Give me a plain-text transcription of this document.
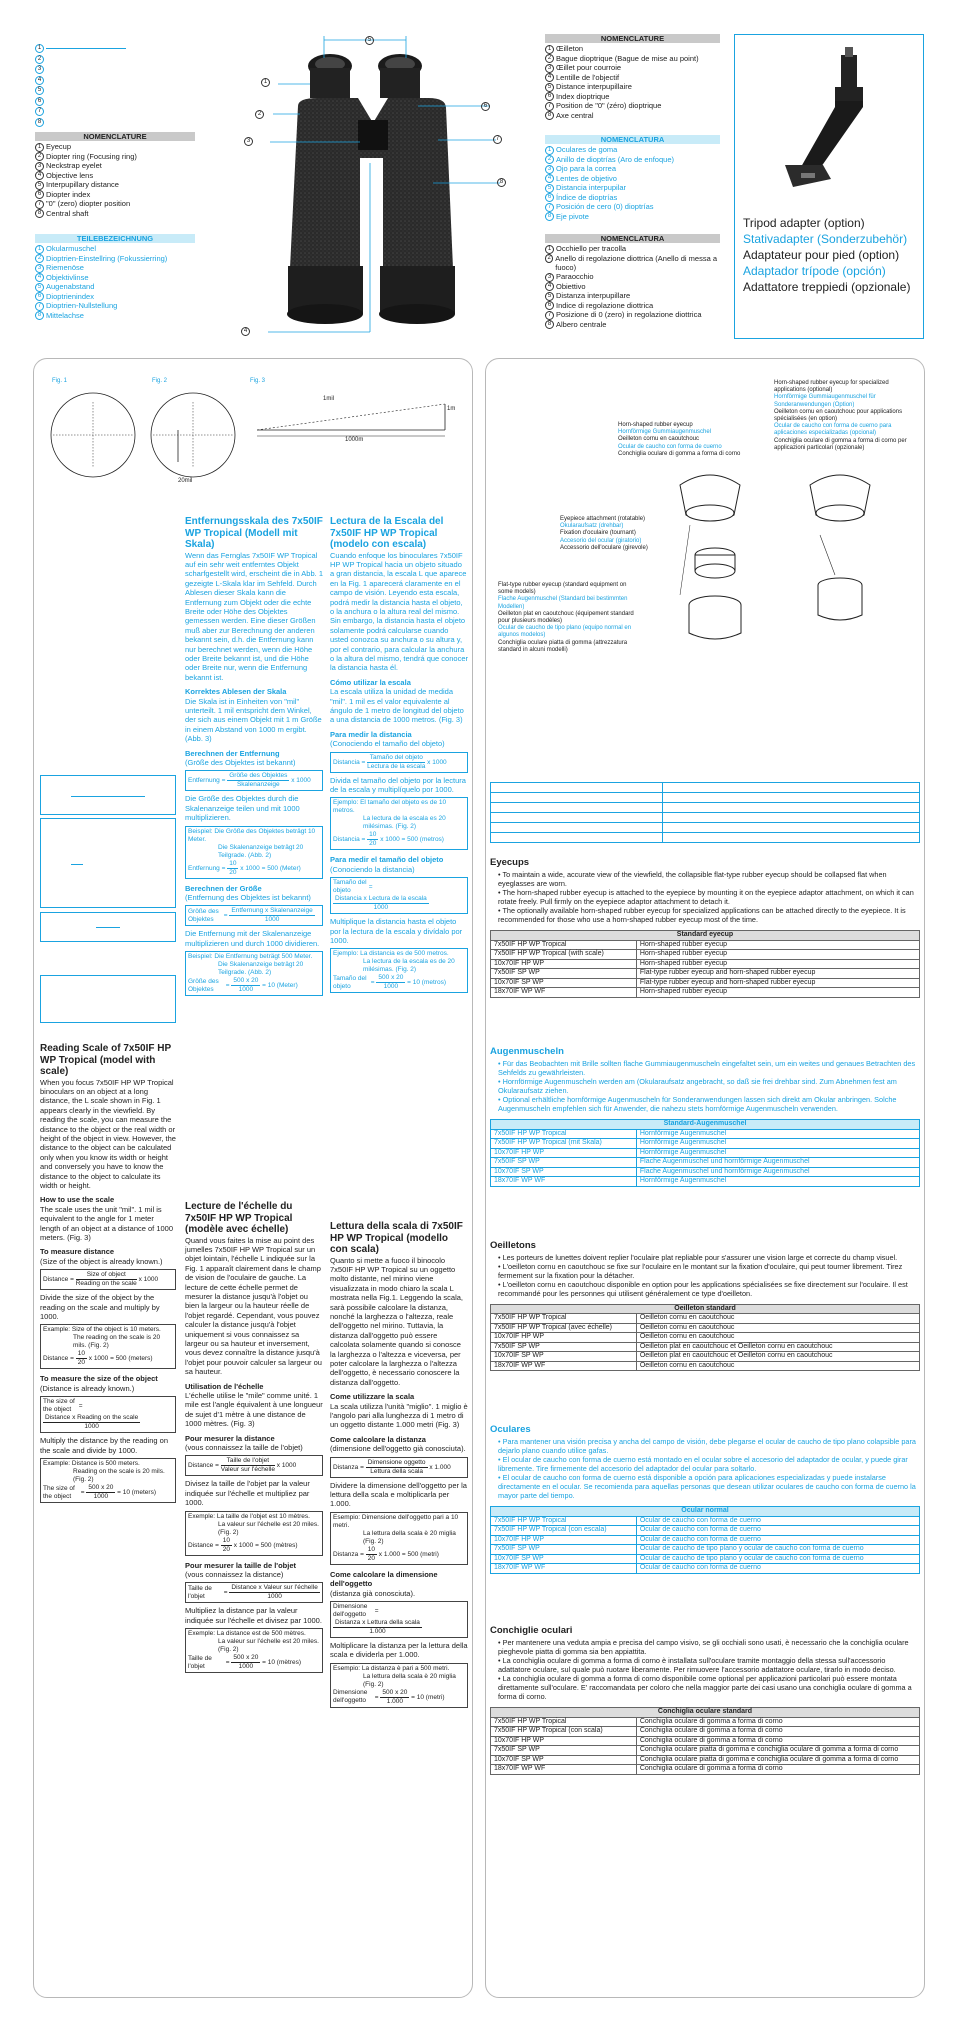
1
2
3
4
5
6
7
8
NOMENCLATURE
1 Eyecup
2 Diopter ring (Focusing ring)
3 Neckstrap eyelet
4 Objective lens
5 Interpupillary distance
6 Diopter index
7 "0" (zero) diopter position
8 Central shaft
TEILEBEZEICHNUNG
1 Okularmuschel
2 Dioptrien-Einstellring (Fokussierring)
3 Riemenöse
4 Objektivlinse
5 Augenabstand
6 Dioptrienindex
7 Dioptrien-Nullstellung
8 Mittelachse
5
1
2
3
6
7
8
4
NOMENCLATURE
1 Œilleton
2 Bague dioptrique (Bague de mise au point)
3 Œillet pour courroie
4 Lentille de l'objectif
5 Distance interpupillaire
6 Index dioptrique
7 Position de "0" (zéro) dioptrique
8 Axe central
NOMENCLATURA
1 Oculares de goma
2 Anillo de dioptrías (Aro de enfoque)
3 Ojo para la correa
4 Lentes de objetivo
5 Distancia interpupilar
6 Índice de dioptrías
7 Posición de cero (0) dioptrías
8 Eje pivote
NOMENCLATURA
1 Occhiello per tracolla
2 Anello di regolazione diottrica (Anello di messa a fuoco)
3 Paraocchio
4 Obiettivo
5 Distanza interpupillare
6 Indice di regolazione diottrica
7 Posizione di 0 (zero) in regolazione diottrica
8 Albero centrale
Tripod adapter (option)
Stativadapter (Sonderzubehör)
Adaptateur pour pied (option)
Adaptador trípode (opción)
Adattatore treppiedi (opzionale)
Fig. 1	Fig. 2	Fig. 3
20mil
1mil
1m
1000m
Reading Scale of 7x50IF HP WP Tropical (model with scale)

When you focus 7x50IF HP WP Tropical binoculars on an object at a long distance, the L scale shown in Fig. 1 appears clearly in the viewfield. By reading the scale, you can measure the distance to the object or the real width or height of the object in view. However, the distance to the object can be calculated only when you know its width or height and conversely you have to know the distance to the object to calculate its width or height.

How to use the scale

The scale uses the unit "mil". 1 mil is equivalent to the angle for 1 meter length of an object at a distance of 1000 meters. (Fig. 3)

To measure distance

(Size of the object is already known.)

Distance = $\frac{\text{Size of object}}{\text{Reading on the scale}}$ x 1000

Divide the size of the object by the reading on the scale and multiply by 1000.

Example: Size of the object is 10 meters.
The reading on the scale is 20 mils. (Fig. 2)
Distance = $\frac{10}{20}$ x 1000 = 500 (meters)
To measure the size of the object

(Distance is already known.)

The size of the object =
$\frac{\text{Distance x Reading on the scale}}{1000}$

Multiply the distance by the reading on the scale and divide by 1000.

Example: Distance is 500 meters.
Reading on the scale is 20 mils. (Fig. 2)
The size of the object = $\frac{500 x 20}{1000} = 10$ (meters)
Entfernungsskala des 7x50IF WP Tropical (Modell mit Skala)

Wenn das Fernglas 7x50IF WP Tropical auf ein sehr weit entferntes Objekt scharfgestellt wird, erscheint die in Abb. 1 gezeigte L-Skala klar im Sehfeld. Durch Ablesen dieser Skala kann die Entfernung zum Objekt oder die echte Breite oder Höhe des Objektes gemessen werden. Eine dieser Größen muß aber zur Berechnung der anderen bekannt sein, d.h. die Entfernung kann nur berechnet werden, wenn die Höhe oder Breite bekannt ist, und die Höhe oder Breite nur, wenn die Entfernung bekannt ist.

Korrektes Ablesen der Skala

Die Skala ist in Einheiten von "mil" unterteilt. 1 mil entspricht dem Winkel, der sich aus einem Objekt mit 1 m Größe in einem Abstand von 1000 m ergibt. (Abb. 3)

Berechnen der Entfernung

(Größe des Objektes ist bekannt)

Entfernung = $\frac{\text{Größe des Objektes}}{\text{Skalenanzeige}}$ x 1000

Die Größe des Objektes durch die Skalenanzeige teilen und mit 1000 multiplizieren.

Beispiel: Die Größe des Objektes beträgt 10 Meter.
Die Skalenanzeige beträgt 20 Teilgrade. (Abb. 2)
Entfernung = $\frac{10}{20}$ x 1000 = 500 (Meter)
Berechnen der Größe

(Entfernung des Objektes ist bekannt)

Größe des Objektes = $\frac{\text{Entfernung x Skalenanzeige}}{1000}$

Die Entfernung mit der Skalenanzeige multiplizieren und durch 1000 dividieren.

Beispiel: Die Entfernung beträgt 500 Meter.
Die Skalenanzeige beträgt 20 Teilgrade. (Abb. 2)
Größe des Objektes = $\frac{500 x 20}{1000} = 10$ (Meter)
Lecture de l'échelle du 7x50IF HP WP Tropical (modèle avec échelle)

Quand vous faites la mise au point des jumelles 7x50IF HP WP Tropical sur un objet lointain, l'échelle L indiquée sur la Fig. 1 apparaît clairement dans le champ de vision de l'oculaire de gauche. La lecture de cette échelle permet de mesurer la distance jusqu'à l'objet ou bien la largeur ou la hauteur réelle de l'objet regardé. Cependant, vous pouvez calculer la distance jusqu'à l'objet uniquement si vous connaissez sa largeur ou sa hauteur et inversement, vous devez connaître la distance jusqu'à l'objet pour pouvoir calculer sa largeur ou sa hauteur.

Utilisation de l'échelle

L'échelle utilise le "mile" comme unité. 1 mile est l'angle équivalent à une longueur de sujet d'1 mètre à une distance de 1000 mètres. (Fig. 3)

Pour mesurer la distance

(vous connaissez la taille de l'objet)

Distance = $\frac{\text{Taille de l'objet}}{\text{Valeur sur l'échelle}}$ x 1000

Divisez la taille de l'objet par la valeur indiquée sur l'échelle et multipliez par 1000.

Exemple: La taille de l'objet est 10 mètres.
La valeur sur l'échelle est 20 miles. (Fig. 2)
Distance = $\frac{10}{20}$ x 1000 = 500 (mètres)
Pour mesurer la taille de l'objet

(vous connaissez la distance)

Taille de l'objet	= $\frac{\text{Distance x Valeur sur l'échelle}}{1000}$

Multipliez la distance par la valeur indiquée sur l'échelle et divisez par 1000.

Exemple: La distance est de 500 mètres.
La valeur sur l'échelle est 20 miles. (Fig. 2)
Taille de l'objet	= $\frac{500 x 20}{1000} = 10$ (mètres)
Lectura de la Escala del 7x50IF HP WP Tropical (modelo con escala)

Cuando enfoque los binoculares 7x50IF HP WP Tropical hacia un objeto situado a gran distancia, la escala L que aparece en la Fig. 1 aparecerá claramente en el campo de visión. Leyendo esta escala, podrá medir la distancia hasta el objeto, o la anchura o la altura real del mismo. Sin embargo, la distancia hasta el objeto solamente podrá calcularse cuando usted conozca su anchura o su altura y, por el contrario, para calcular la anchura o la altura del mismo, tendrá que conocer la distancia hasta él.

Cómo utilizar la escala

La escala utiliza la unidad de medida "mil". 1 mil es el valor equivalente al ángulo de 1 metro de longitud del objeto a una distancia de 1000 metros. (Fig. 3)

Para medir la distancia

(Conociendo el tamaño del objeto)

Distancia = $\frac{\text{Tamaño del objeto}}{\text{Lectura de la escala}}$ x 1000

Divida el tamaño del objeto por la lectura de la escala y multiplíquelo por 1000.

Ejemplo: El tamaño del objeto es de 10 metros.
La lectura de la escala es 20 milésimas. (Fig. 2)
Distancia = $\frac{10}{20}$ x 1000 = 500 (metros)
Para medir el tamaño del objeto

(Conociendo la distancia)

Tamaño del objeto	=
$\frac{\text{Distancia x Lectura de la escala}}{1000}$

Multiplique la distancia hasta el objeto por la lectura de la escala y divídalo por 1000.

Ejemplo: La distancia es de 500 metros.
La lectura de la escala es de 20 milésimas. (Fig. 2)
Tamaño del objeto	= $\frac{500 x 20}{1000} = 10$ (metros)
Lettura della scala di 7x50IF HP WP Tropical (modello con scala)

Quanto si mette a fuoco il binocolo 7x50IF HP WP Tropical su un oggetto molto distante, nel mirino viene visualizzata in modo chiaro la scala L mostrata nella Fig.1. Leggendo la scala, sarà possibile calcolare la distanza, nonché la larghezza o l'altezza, reale dell'oggetto nel mirino. Tuttavia, la distanza dall'oggetto può essere calcolata solamente quando si conosce la larghezza o l'altezza e viceversa, per poter calcolare la larghezza o l'altezza dell'oggetto, è necessario conoscere la distanza dall'oggetto.

Come utilizzare la scala

La scala utilizza l'unità "miglio". 1 miglio è l'angolo pari alla lunghezza di 1 metro di un oggetto distante 1.000 metri (Fig. 3)

Come calcolare la distanza

(dimensione dell'oggetto già conosciuta).

Distanza = $\frac{\text{Dimensione oggetto}}{\text{Lettura della scala}}$ x 1.000

Dividere la dimensione dell'oggetto per la lettura della scala e moltiplicarla per 1.000.

Esempio: Dimensione dell'oggetto pari a 10 metri.
La lettura della scala è 20 miglia (Fig. 2)
Distanza = $\frac{10}{20}$ x 1.000 = 500 (metri)
Come calcolare la dimensione dell'oggetto

(distanza già conosciuta).

Dimensione dell'oggetto =
$\frac{\text{Distanza x Lettura della scala}}{1.000}$

Moltiplicare la distanza per la lettura della scala e dividerla per 1.000.

Esempio: La distanza è pari a 500 metri.
La lettura della scala è 20 miglia (Fig. 2)
Dimensione dell'oggetto = $\frac{500 x 20}{1.000} = 10$ (metri)
Horn-shaped rubber eyecup
Hornförmige Gummiaugenmuschel
Oeilleton cornu en caoutchouc
Ocular de caucho con forma de cuerno
Conchiglia oculare di gomma a forma di corno
Horn-shaped rubber eyecup for specialized applications (optional)
Hornförmige Gummiaugenmuschel für Sonderanwendungen (Option)
Oeilleton cornu en caoutchouc pour applications spécialisées (en option)
Ocular de caucho con forma de cuerno para aplicaciones especializadas (opcional)
Conchiglia oculare di gomma a forma di corno per applicazioni particolari (opzionale)
Eyepiece attachment (rotatable)
Okularaufsatz (drehbar)
Fixation d'oculaire (tournant)
Accesorio del ocular (giratorio)
Accessorio dell'oculare (girevole)
Flat-type rubber eyecup (standard equipment on some models)
Flache Augenmuschel (Standard bei bestimmten Modellen)
Oeilleton plat en caoutchouc (équipement standard pour plusieurs modèles)
Ocular de caucho de tipo plano (equipo normal en algunos modelos)
Conchiglia oculare piatta di gomma (attrezzatura standard in alcuni modelli)

Eyecups
• To maintain a wide, accurate view of the viewfield, the collapsible flat-type rubber eyecup should be collapsed flat when eyeglasses are worn.
• The horn-shaped rubber eyecup is attached to the eyepiece by mounting it on the eyepiece adaptor attachment, on which it can rotate freely. Pull firmly on the eyepiece adaptor attachment to detach it.
• The optionally available horn-shaped rubber eyecup for specialized applications can be attached directly to the eyepiece. It is recommended for those who use a horn-shaped rubber eyecup most of the time.
Standard eyecup	
7x50IF HP WP Tropical	Horn-shaped rubber eyecup
7x50IF HP WP Tropical (with scale)	Horn-shaped rubber eyecup
10x70IF HP WP	Horn-shaped rubber eyecup
7x50IF SP WP	Flat-type rubber eyecup and horn-shaped rubber eyecup
10x70IF SP WP	Flat-type rubber eyecup and horn-shaped rubber eyecup
18x70IF WP WF	Horn-shaped rubber eyecup
Augenmuscheln
• Für das Beobachten mit Brille sollten flache Gummiaugenmuscheln eingefaltet sein, um ein weites und genaues Betrachten des Sehfelds zu gewährleisten.
• Hornförmige Augenmuscheln werden am (Okularaufsatz angebracht, so daß sie frei drehbar sind. Zum Abnehmen fest am Okularaufsatz ziehen.
• Optional erhältliche hornförmige Augenmuscheln für Sonderanwendungen lassen sich direkt am Okular anbringen. Solche Augenmuscheln empfehlen sich für Anwender, die nahezu stets hornförmige Augenmuscheln verwenden.
Standard-Augenmuschel	
7x50IF HP WP Tropical	Hornförmige Augenmuschel
7x50IF HP WP Tropical (mit Skala)	Hornförmige Augenmuschel
10x70IF HP WP	Hornförmige Augenmuschel
7x50IF SP WP	Flache Augenmuschel und hornförmige Augenmuschel
10x70IF SP WP	Flache Augenmuschel und hornförmige Augenmuschel
18x70IF WP WF	Hornförmige Augenmuschel
Oeilletons
• Les porteurs de lunettes doivent replier l'oculaire plat repliable pour s'assurer une vision large et correcte du champ visuel.
• L'oeilleton cornu en caoutchouc se fixe sur l'oculaire en le montant sur la fixation d'oculaire, qui peut tourner librement. Tirez fermement sur la fixation pour la détacher.
• L'oeilleton cornu en caoutchouc disponible en option pour les applications spécialisées se fixe directement sur l'oculaire. Il est recommandé pour les personnes qui utilisent généralement ce type d'oeilleton.
Oeilleton standard	
7x50IF HP WP Tropical	Oeilleton cornu en caoutchouc
7x50IF HP WP Tropical (avec échelle)	Oeilleton cornu en caoutchouc
10x70IF HP WP	Oeilleton cornu en caoutchouc
7x50IF SP WP	Oeilleton plat en caoutchouc et Oeilleton cornu en caoutchouc
10x70IF SP WP	Oeilleton plat en caoutchouc et Oeilleton cornu en caoutchouc
18x70IF WP WF	Oeilleton cornu en caoutchouc
Oculares
• Para mantener una visión precisa y ancha del campo de visión, debe plegarse el ocular de caucho de tipo plano colapsible para dejarlo plano cuando utilice gafas.
• El ocular de caucho con forma de cuerno está montado en el ocular sobre el accesorio del adaptador de ocular, y puede girar libremente. Tire firmemente del accesorio del adaptador del ocular para soltarlo.
• El ocular de caucho con forma de cuerno está disponible a opción para aplicaciones especializadas y puede instalarse directamente en el ocular. Se recomienda para aquellas personas que desean utilizar oculares de caucho con forma de cuerno la mayor parte del tiempo.
Ocular normal	
7x50IF HP WP Tropical	Ocular de caucho con forma de cuerno
7x50IF HP WP Tropical (con escala)	Ocular de caucho con forma de cuerno
10x70IF HP WP	Ocular de caucho con forma de cuerno
7x50IF SP WP	Ocular de caucho de tipo plano y ocular de caucho con forma de cuerno
10x70IF SP WP	Ocular de caucho de tipo plano y ocular de caucho con forma de cuerno
18x70IF WP WF	Ocular de caucho con forma de cuerno
Conchiglie oculari
• Per mantenere una veduta ampia e precisa del campo visivo, se gli occhiali sono usati, è necessario che la conchiglia oculare pieghevole piatta di gomma sia ben appiattita.
• La conchiglia oculare di gomma a forma di corno è installata sull'oculare tramite montaggio della stessa sull'accessorio adattatore oculare, sul quale può ruotare liberamente. Per rimuovere l'accessorio adattatore oculare, tirarlo in modo deciso.
• La conchiglia oculare di gomma a forma di corno disponibile come optional per applicazioni particolari può essere montata direttamente sull'oculare. E' raccomandata per coloro che nella maggior parte dei casi usano una conchiglia oculare di gomma a forma di corno.
Conchiglia oculare standard	
7x50IF HP WP Tropical	Conchiglia oculare di gomma a forma di corno
7x50IF HP WP Tropical (con scala)	Conchiglia oculare di gomma a forma di corno
10x70IF HP WP	Conchiglia oculare di gomma a forma di corno
7x50IF SP WP	Conchiglia oculare piatta di gomma e conchiglia oculare di gomma a forma di corno
10x70IF SP WP	Conchiglia oculare piatta di gomma e conchiglia oculare di gomma a forma di corno
18x70IF WP WF	Conchiglia oculare di gomma a forma di corno
